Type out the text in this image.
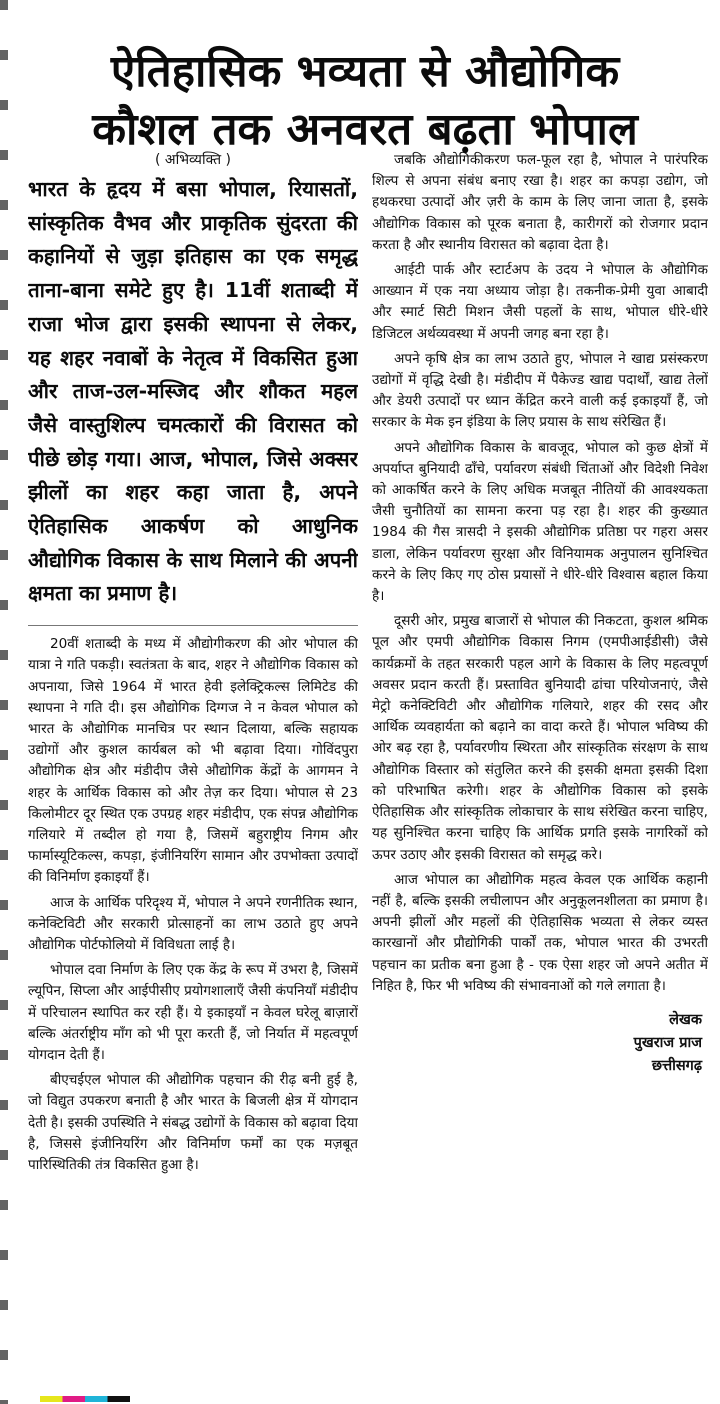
ऐतिहासिक भव्यता से औद्योगिक
कौशल तक अनवरत बढ़ता भोपाल
( अभिव्यक्ति )

भारत के हृदय में बसा भोपाल, रियासतों, सांस्कृतिक वैभव और प्राकृतिक सुंदरता की कहानियों से जुड़ा इतिहास का एक समृद्ध ताना-बाना समेटे हुए है। 11वीं शताब्दी में राजा भोज द्वारा इसकी स्थापना से लेकर, यह शहर नवाबों के नेतृत्व में विकसित हुआ और ताज-उल-मस्जिद और शौकत महल जैसे वास्तुशिल्प चमत्कारों की विरासत को पीछे छोड़ गया। आज, भोपाल, जिसे अक्सर झीलों का शहर कहा जाता है, अपने ऐतिहासिक आकर्षण को आधुनिक औद्योगिक विकास के साथ मिलाने की अपनी क्षमता का प्रमाण है।

20वीं शताब्दी के मध्य में औद्योगीकरण की ओर भोपाल की यात्रा ने गति पकड़ी। स्वतंत्रता के बाद, शहर ने औद्योगिक विकास को अपनाया, जिसे 1964 में भारत हेवी इलेक्ट्रिकल्स लिमिटेड की स्थापना ने गति दी। इस औद्योगिक दिग्गज ने न केवल भोपाल को भारत के औद्योगिक मानचित्र पर स्थान दिलाया, बल्कि सहायक उद्योगों और कुशल कार्यबल को भी बढ़ावा दिया। गोविंदपुरा औद्योगिक क्षेत्र और मंडीदीप जैसे औद्योगिक केंद्रों के आगमन ने शहर के आर्थिक विकास को और तेज़ कर दिया। भोपाल से 23 किलोमीटर दूर स्थित एक उपग्रह शहर मंडीदीप, एक संपन्न औद्योगिक गलियारे में तब्दील हो गया है, जिसमें बहुराष्ट्रीय निगम और फार्मास्यूटिकल्स, कपड़ा, इंजीनियरिंग सामान और उपभोक्ता उत्पादों की विनिर्माण इकाइयाँ हैं।

आज के आर्थिक परिदृश्य में, भोपाल ने अपने रणनीतिक स्थान, कनेक्टिविटी और सरकारी प्रोत्साहनों का लाभ उठाते हुए अपने औद्योगिक पोर्टफोलियो में विविधता लाई है।

भोपाल दवा निर्माण के लिए एक केंद्र के रूप में उभरा है, जिसमें ल्यूपिन, सिप्ला और आईपीसीए प्रयोगशालाएँ जैसी कंपनियाँ मंडीदीप में परिचालन स्थापित कर रही हैं। ये इकाइयाँ न केवल घरेलू बाज़ारों बल्कि अंतर्राष्ट्रीय माँग को भी पूरा करती हैं, जो निर्यात में महत्वपूर्ण योगदान देती हैं।

बीएचईएल भोपाल की औद्योगिक पहचान की रीढ़ बनी हुई है, जो विद्युत उपकरण बनाती है और भारत के बिजली क्षेत्र में योगदान देती है। इसकी उपस्थिति ने संबद्ध उद्योगों के विकास को बढ़ावा दिया है, जिससे इंजीनियरिंग और विनिर्माण फर्मों का एक मज़बूत पारिस्थितिकी तंत्र विकसित हुआ है।

जबकि औद्योगिकीकरण फल-फूल रहा है, भोपाल ने पारंपरिक शिल्प से अपना संबंध बनाए रखा है। शहर का कपड़ा उद्योग, जो हथकरघा उत्पादों और ज़री के काम के लिए जाना जाता है, इसके औद्योगिक विकास को पूरक बनाता है, कारीगरों को रोजगार प्रदान करता है और स्थानीय विरासत को बढ़ावा देता है।

आईटी पार्क और स्टार्टअप के उदय ने भोपाल के औद्योगिक आख्यान में एक नया अध्याय जोड़ा है। तकनीक-प्रेमी युवा आबादी और स्मार्ट सिटी मिशन जैसी पहलों के साथ, भोपाल धीरे-धीरे डिजिटल अर्थव्यवस्था में अपनी जगह बना रहा है।

अपने कृषि क्षेत्र का लाभ उठाते हुए, भोपाल ने खाद्य प्रसंस्करण उद्योगों में वृद्धि देखी है। मंडीदीप में पैकेज्ड खाद्य पदार्थों, खाद्य तेलों और डेयरी उत्पादों पर ध्यान केंद्रित करने वाली कई इकाइयाँ हैं, जो सरकार के मेक इन इंडिया के लिए प्रयास के साथ संरेखित हैं।

अपने औद्योगिक विकास के बावजूद, भोपाल को कुछ क्षेत्रों में अपर्याप्त बुनियादी ढाँचे, पर्यावरण संबंधी चिंताओं और विदेशी निवेश को आकर्षित करने के लिए अधिक मजबूत नीतियों की आवश्यकता जैसी चुनौतियों का सामना करना पड़ रहा है। शहर की कुख्यात 1984 की गैस त्रासदी ने इसकी औद्योगिक प्रतिष्ठा पर गहरा असर डाला, लेकिन पर्यावरण सुरक्षा और विनियामक अनुपालन सुनिश्चित करने के लिए किए गए ठोस प्रयासों ने धीरे-धीरे विश्वास बहाल किया है।

दूसरी ओर, प्रमुख बाजारों से भोपाल की निकटता, कुशल श्रमिक पूल और एमपी औद्योगिक विकास निगम (एमपीआईडीसी) जैसे कार्यक्रमों के तहत सरकारी पहल आगे के विकास के लिए महत्वपूर्ण अवसर प्रदान करती हैं। प्रस्तावित बुनियादी ढांचा परियोजनाएं, जैसे मेट्रो कनेक्टिविटी और औद्योगिक गलियारे, शहर की रसद और आर्थिक व्यवहार्यता को बढ़ाने का वादा करते हैं। भोपाल भविष्य की ओर बढ़ रहा है, पर्यावरणीय स्थिरता और सांस्कृतिक संरक्षण के साथ औद्योगिक विस्तार को संतुलित करने की इसकी क्षमता इसकी दिशा को परिभाषित करेगी। शहर के औद्योगिक विकास को इसके ऐतिहासिक और सांस्कृतिक लोकाचार के साथ संरेखित करना चाहिए, यह सुनिश्चित करना चाहिए कि आर्थिक प्रगति इसके नागरिकों को ऊपर उठाए और इसकी विरासत को समृद्ध करे।

आज भोपाल का औद्योगिक महत्व केवल एक आर्थिक कहानी नहीं है, बल्कि इसकी लचीलापन और अनुकूलनशीलता का प्रमाण है। अपनी झीलों और महलों की ऐतिहासिक भव्यता से लेकर व्यस्त कारखानों और प्रौद्योगिकी पार्कों तक, भोपाल भारत की उभरती पहचान का प्रतीक बना हुआ है - एक ऐसा शहर जो अपने अतीत में निहित है, फिर भी भविष्य की संभावनाओं को गले लगाता है।

लेखक
पुखराज प्राज
छत्तीसगढ़
